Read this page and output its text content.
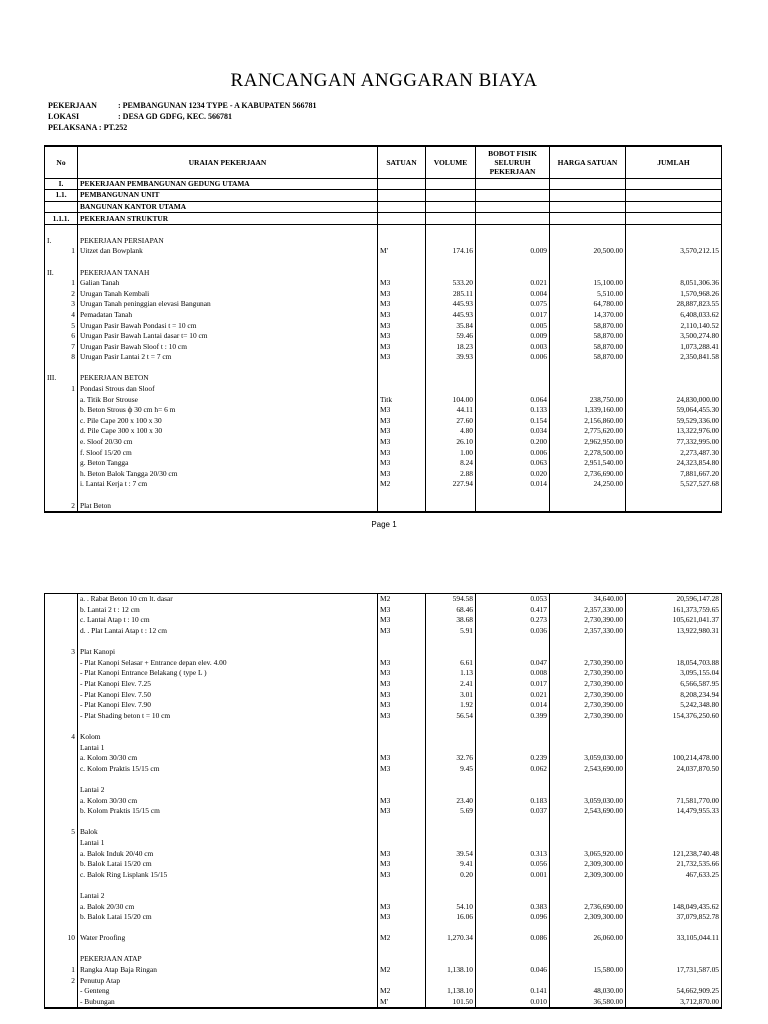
RANCANGAN ANGGARAN BIAYA
PEKERJAAN	: PEMBANGUNAN 1234 TYPE - A KABUPATEN 566781
LOKASI	: DESA GD GDFG, KEC. 566781
PELAKSANA : PT.252
No	URAIAN PEKERJAAN	SATUAN	VOLUME	BOBOT FISIK SELURUH PEKERJAAN	HARGA SATUAN	JUMLAH
I.	PEKERJAAN PEMBANGUNAN GEDUNG UTAMA					
1.1.	PEMBANGUNAN UNIT					
	BANGUNAN KANTOR UTAMA					
1.1.1.	PEKERJAAN STRUKTUR					

I.	PEKERJAAN PERSIAPAN					
1	Uitzet dan Bowplank	M'	174.16	0.009	20,500.00	3,570,212.15

II.	PEKERJAAN TANAH					
1	Galian Tanah	M3	533.20	0.021	15,100.00	8,051,306.36
2	Urugan Tanah Kembali	M3	285.11	0.004	5,510.00	1,570,968.26
3	Urugan Tanah peninggian elevasi Bangunan	M3	445.93	0.075	64,780.00	28,887,823.55
4	Pemadatan Tanah	M3	445.93	0.017	14,370.00	6,408,033.62
5	Urugan Pasir Bawah Pondasi t = 10 cm	M3	35.84	0.005	58,870.00	2,110,140.52
6	Urugan Pasir Bawah Lantai dasar t= 10 cm	M3	59.46	0.009	58,870.00	3,500,274.80
7	Urugan Pasir Bawah Sloof t : 10 cm	M3	18.23	0.003	58,870.00	1,073,288.41
8	Urugan Pasir Lantai 2 t = 7 cm	M3	39.93	0.006	58,870.00	2,350,841.58

III.	PEKERJAAN BETON					
1	Pondasi Strous dan Sloof					
	a. Titik Bor Strouse	Titk	104.00	0.064	238,750.00	24,830,000.00
	b. Beton Strous ф 30 cm h= 6 m	M3	44.11	0.133	1,339,160.00	59,064,455.30
	c. Pile Cape 200 x 100 x 30	M3	27.60	0.154	2,156,860.00	59,529,336.00
	d. Pile Cape 300 x 100 x 30	M3	4.80	0.034	2,775,620.00	13,322,976.00
	e. Sloof 20/30 cm	M3	26.10	0.200	2,962,950.00	77,332,995.00
	f. Sloof 15/20 cm	M3	1.00	0.006	2,278,500.00	2,273,487.30
	g. Beton Tangga	M3	8.24	0.063	2,951,540.00	24,323,854.80
	h. Beton Balok Tangga 20/30 cm	M3	2.88	0.020	2,736,690.00	7,881,667.20
	i. Lantai Kerja t : 7 cm	M2	227.94	0.014	24,250.00	5,527,527.68

2	Plat Beton					
Page 1
	a. . Rabat Beton 10 cm lt. dasar	M2	594.58	0.053	34,640.00	20,596,147.28
	b. Lantai 2 t : 12 cm	M3	68.46	0.417	2,357,330.00	161,373,759.65
	c. Lantai Atap t : 10 cm	M3	38.68	0.273	2,730,390.00	105,621,041.37
	d. . Plat Lantai Atap t : 12 cm	M3	5.91	0.036	2,357,330.00	13,922,980.31

3	Plat Kanopi					
	- Plat Kanopi Selasar + Entrance depan elev. 4.00	M3	6.61	0.047	2,730,390.00	18,054,703.88
	- Plat Kanopi Entrance Belakang ( type L )	M3	1.13	0.008	2,730,390.00	3,095,155.04
	- Plat Kanopi Elev. 7.25	M3	2.41	0.017	2,730,390.00	6,566,587.95
	- Plat Kanopi Elev. 7.50	M3	3.01	0.021	2,730,390.00	8,208,234.94
	- Plat Kanopi Elev. 7.90	M3	1.92	0.014	2,730,390.00	5,242,348.80
	- Plat Shading beton t = 10 cm	M3	56.54	0.399	2,730,390.00	154,376,250.60

4	Kolom					
	Lantai 1					
	a. Kolom 30/30 cm	M3	32.76	0.239	3,059,030.00	100,214,478.00
	c. Kolom Praktis 15/15 cm	M3	9.45	0.062	2,543,690.00	24,037,870.50

	Lantai 2					
	a. Kolom 30/30 cm	M3	23.40	0.183	3,059,030.00	71,581,770.00
	b. Kolom Praktis 15/15 cm	M3	5.69	0.037	2,543,690.00	14,479,955.33

5	Balok					
	Lantai 1					
	a. Balok Induk 20/40 cm	M3	39.54	0.313	3,065,920.00	121,238,740.48
	b. Balok Latai 15/20 cm	M3	9.41	0.056	2,309,300.00	21,732,535.66
	c. Balok Ring Lisplank 15/15	M3	0.20	0.001	2,309,300.00	467,633.25

	Lantai 2					
	a. Balok 20/30 cm	M3	54.10	0.383	2,736,690.00	148,049,435.62
	b. Balok Latai 15/20 cm	M3	16.06	0.096	2,309,300.00	37,079,852.78

10	Water Proofing	M2	1,270.34	0.086	26,060.00	33,105,044.11

	PEKERJAAN ATAP					
1	Rangka Atap Baja Ringan	M2	1,138.10	0.046	15,580.00	17,731,587.05
2	Penutup Atap					
	- Genteng	M2	1,138.10	0.141	48,030.00	54,662,909.25
	- Bubungan	M'	101.50	0.010	36,580.00	3,712,870.00
